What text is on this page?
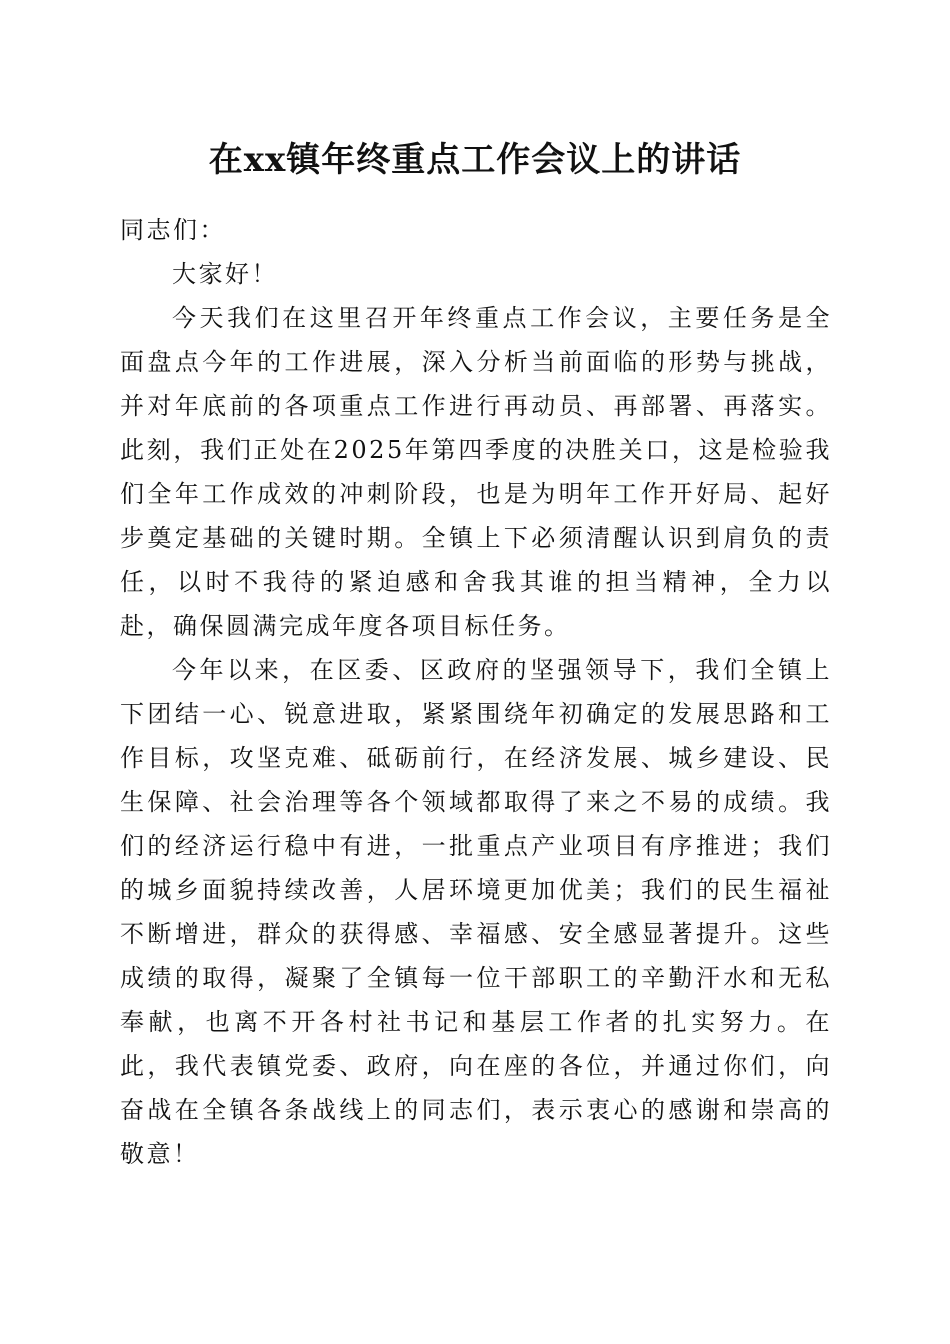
在xx镇年终重点工作会议上的讲话

同志们：

大家好！

今天我们在这里召开年终重点工作会议，主要任务是全面盘点今年的工作进展，深入分析当前面临的形势与挑战，并对年底前的各项重点工作进行再动员、再部署、再落实。此刻，我们正处在2025年第四季度的决胜关口，这是检验我们全年工作成效的冲刺阶段，也是为明年工作开好局、起好步奠定基础的关键时期。全镇上下必须清醒认识到肩负的责任，以时不我待的紧迫感和舍我其谁的担当精神，全力以赴，确保圆满完成年度各项目标任务。

今年以来，在区委、区政府的坚强领导下，我们全镇上下团结一心、锐意进取，紧紧围绕年初确定的发展思路和工作目标，攻坚克难、砥砺前行，在经济发展、城乡建设、民生保障、社会治理等各个领域都取得了来之不易的成绩。我们的经济运行稳中有进，一批重点产业项目有序推进；我们的城乡面貌持续改善，人居环境更加优美；我们的民生福祉不断增进，群众的获得感、幸福感、安全感显著提升。这些成绩的取得，凝聚了全镇每一位干部职工的辛勤汗水和无私奉献，也离不开各村社书记和基层工作者的扎实努力。在此，我代表镇党委、政府，向在座的各位，并通过你们，向奋战在全镇各条战线上的同志们，表示衷心的感谢和崇高的敬意！
